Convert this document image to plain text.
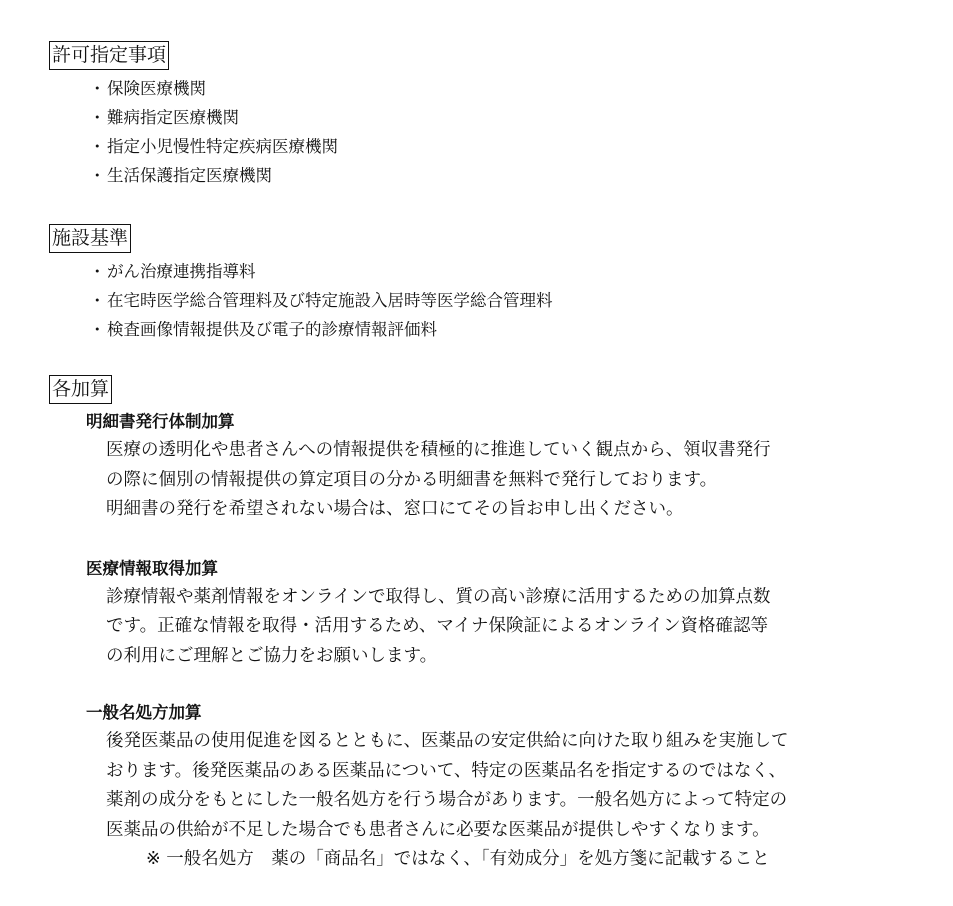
許可指定事項
・保険医療機関
・難病指定医療機関
・指定小児慢性特定疾病医療機関
・生活保護指定医療機関
施設基準
・がん治療連携指導料
・在宅時医学総合管理料及び特定施設入居時等医学総合管理料
・検査画像情報提供及び電子的診療情報評価料
各加算
明細書発行体制加算
医療の透明化や患者さんへの情報提供を積極的に推進していく観点から、領収書発行
の際に個別の情報提供の算定項目の分かる明細書を無料で発行しております。
明細書の発行を希望されない場合は、窓口にてその旨お申し出ください。
医療情報取得加算
診療情報や薬剤情報をオンラインで取得し、質の高い診療に活用するための加算点数
です。正確な情報を取得・活用するため、マイナ保険証によるオンライン資格確認等
の利用にご理解とご協力をお願いします。
一般名処方加算
後発医薬品の使用促進を図るとともに、医薬品の安定供給に向けた取り組みを実施して
おります。後発医薬品のある医薬品について、特定の医薬品名を指定するのではなく、
薬剤の成分をもとにした一般名処方を行う場合があります。一般名処方によって特定の
医薬品の供給が不足した場合でも患者さんに必要な医薬品が提供しやすくなります。
※ 一般名処方　薬の「商品名」ではなく、「有効成分」を処方箋に記載すること
